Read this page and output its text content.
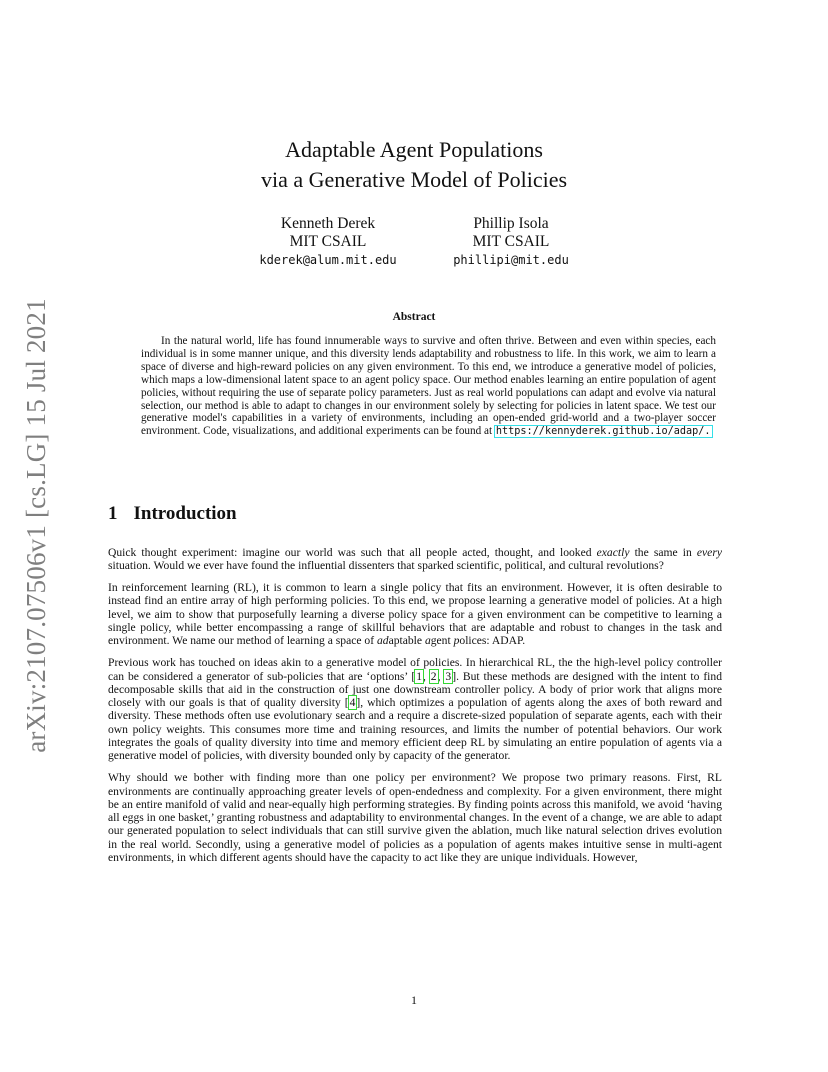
arXiv:2107.07506v1 [cs.LG] 15 Jul 2021
Adaptable Agent Populations
via a Generative Model of Policies
Kenneth Derek
MIT CSAIL
kderek@alum.mit.edu
Phillip Isola
MIT CSAIL
phillipi@mit.edu
Abstract
In the natural world, life has found innumerable ways to survive and often thrive. Between and even within species, each individual is in some manner unique, and this diversity lends adaptability and robustness to life. In this work, we aim to learn a space of diverse and high-reward policies on any given environment. To this end, we introduce a generative model of policies, which maps a low-dimensional latent space to an agent policy space. Our method enables learning an entire population of agent policies, without requiring the use of separate policy parameters. Just as real world populations can adapt and evolve via natural selection, our method is able to adapt to changes in our environment solely by selecting for policies in latent space. We test our generative model's capabilities in a variety of environments, including an open-ended grid-world and a two-player soccer environment. Code, visualizations, and additional experiments can be found at https://kennyderek.github.io/adap/.
1 Introduction

Quick thought experiment: imagine our world was such that all people acted, thought, and looked exactly the same in every situation. Would we ever have found the influential dissenters that sparked scientific, political, and cultural revolutions?

In reinforcement learning (RL), it is common to learn a single policy that fits an environment. However, it is often desirable to instead find an entire array of high performing policies. To this end, we propose learning a generative model of policies. At a high level, we aim to show that purposefully learning a diverse policy space for a given environment can be competitive to learning a single policy, while better encompassing a range of skillful behaviors that are adaptable and robust to changes in the task and environment. We name our method of learning a space of adaptable agent polices: ADAP.

Previous work has touched on ideas akin to a generative model of policies. In hierarchical RL, the the high-level policy controller can be considered a generator of sub-policies that are ‘options’ [1, 2, 3]. But these methods are designed with the intent to find decomposable skills that aid in the construction of just one downstream controller policy. A body of prior work that aligns more closely with our goals is that of quality diversity [4], which optimizes a population of agents along the axes of both reward and diversity. These methods often use evolutionary search and a require a discrete-sized population of separate agents, each with their own policy weights. This consumes more time and training resources, and limits the number of potential behaviors. Our work integrates the goals of quality diversity into time and memory efficient deep RL by simulating an entire population of agents via a generative model of policies, with diversity bounded only by capacity of the generator.

Why should we bother with finding more than one policy per environment? We propose two primary reasons. First, RL environments are continually approaching greater levels of open-endedness and complexity. For a given environment, there might be an entire manifold of valid and near-equally high performing strategies. By finding points across this manifold, we avoid ‘having all eggs in one basket,’ granting robustness and adaptability to environmental changes. In the event of a change, we are able to adapt our generated population to select individuals that can still survive given the ablation, much like natural selection drives evolution in the real world. Secondly, using a generative model of policies as a population of agents makes intuitive sense in multi-agent environments, in which different agents should have the capacity to act like they are unique individuals. However,

1
